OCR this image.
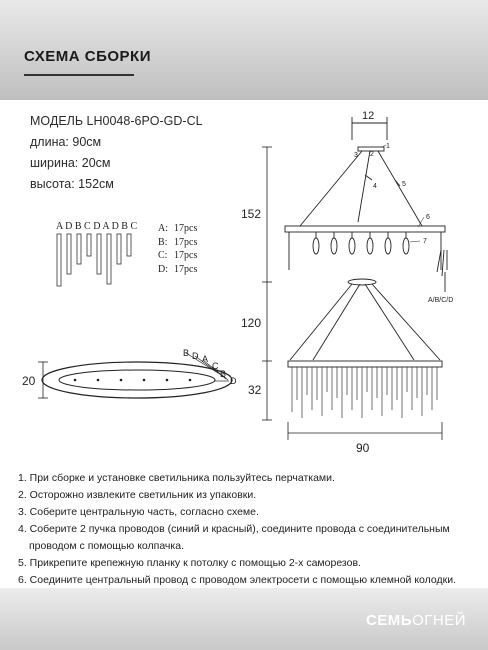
СХЕМА СБОРКИ
МОДЕЛЬ LH0048-6PO-GD-CL
длина: 90см
ширина: 20см
высота: 152см
A D B C D A D B C
12
152
120
32
90
20
1
2
3
4	5
6
7
A/B/C/D
B D A
C
B
D
A: 17pcs
B: 17pcs
C: 17pcs
D: 17pcs
1. При сборке и установке светильника пользуйтесь перчатками.
2. Осторожно извлеките светильник из упаковки.
3. Соберите центральную часть, согласно схеме.
4. Соберите 2 пучка проводов (синий и красный), соедините провода с соединительным
проводом с помощью колпачка.
5. Прикрепите крепежную планку к потолку с помощью 2-х саморезов.
6. Соедините центральный провод с проводом электросети с помощью клемной колодки.
СЕМЬОГНЕЙ
